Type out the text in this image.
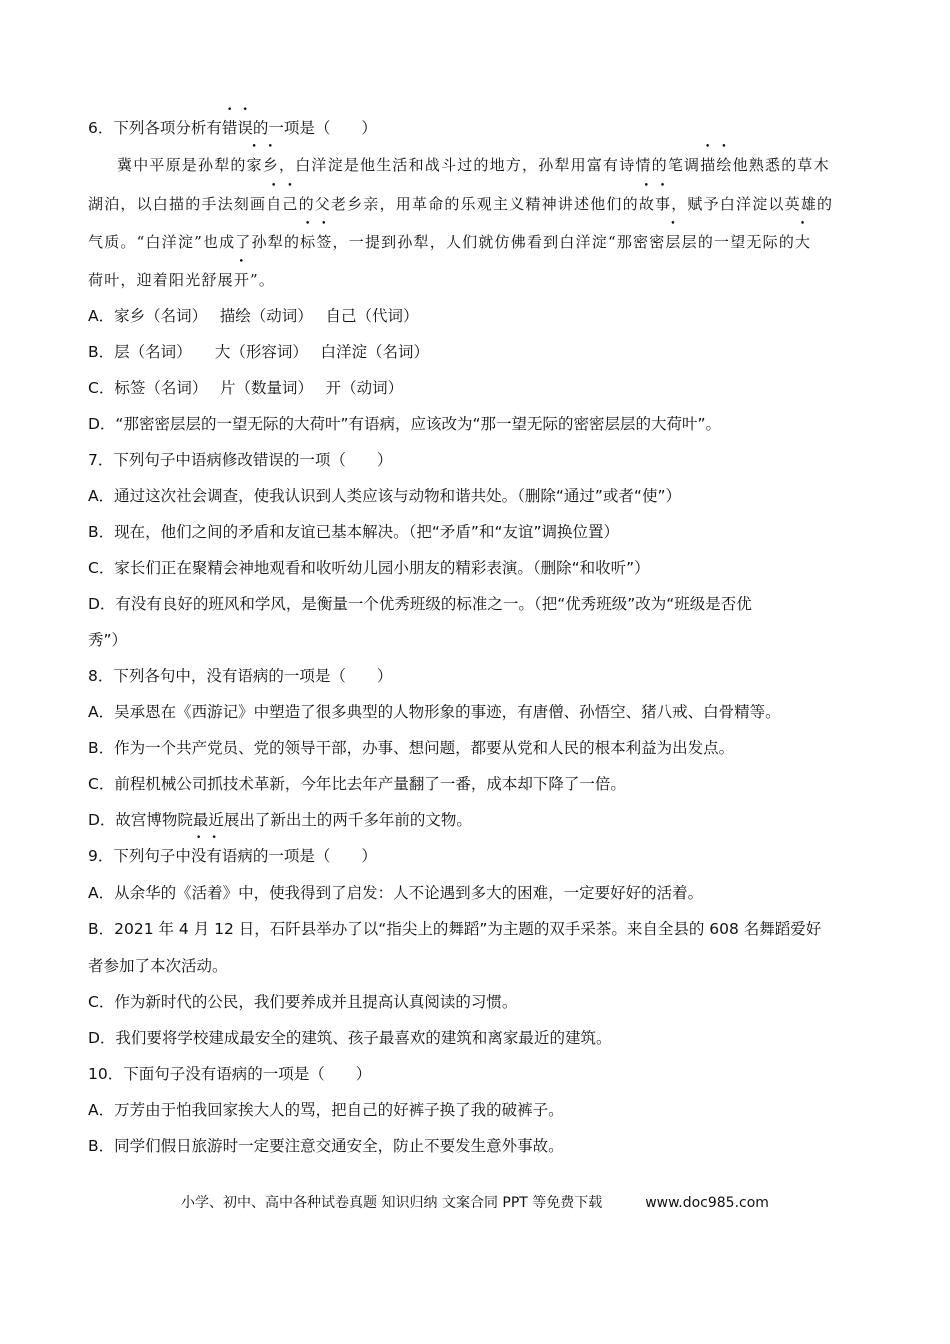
6．下列各项分析有错误的一项是（　　）
冀中平原是孙犁的家乡，白洋淀是他生活和战斗过的地方，孙犁用富有诗情的笔调描绘他熟悉的草木
湖泊，以白描的手法刻画自己的父老乡亲，用革命的乐观主义精神讲述他们的故事，赋予白洋淀以英雄的
气质。“白洋淀”也成了孙犁的标签，一提到孙犁，人们就仿佛看到白洋淀“那密密层层的一望无际的大
荷叶，迎着阳光舒展开”。
A．家乡（名词）　 描绘（动词）　 自己（代词）
B．层（名词）　　大（形容词）　 白洋淀（名词）
C．标签（名词）　 片（数量词）　 开（动词）
D．“那密密层层的一望无际的大荷叶”有语病，应该改为“那一望无际的密密层层的大荷叶”。
7．下列句子中语病修改错误的一项（　　）
A．通过这次社会调查，使我认识到人类应该与动物和谐共处。（删除“通过”或者“使”）
B．现在，他们之间的矛盾和友谊已基本解决。（把“矛盾”和“友谊”调换位置）
C．家长们正在聚精会神地观看和收听幼儿园小朋友的精彩表演。（删除“和收听”）
D．有没有良好的班风和学风，是衡量一个优秀班级的标准之一。（把“优秀班级”改为“班级是否优
秀”）
8．下列各句中，没有语病的一项是（　　）
A．吴承恩在《西游记》中塑造了很多典型的人物形象的事迹，有唐僧、孙悟空、猪八戒、白骨精等。
B．作为一个共产党员、党的领导干部，办事、想问题，都要从党和人民的根本利益为出发点。
C．前程机械公司抓技术革新，今年比去年产量翻了一番，成本却下降了一倍。
D．故宫博物院最近展出了新出土的两千多年前的文物。
9．下列句子中没有语病的一项是（　　）
A．从余华的《活着》中，使我得到了启发：人不论遇到多大的困难，一定要好好的活着。
B．2021 年 4 月 12 日，石阡县举办了以“指尖上的舞蹈”为主题的双手采茶。来自全县的 608 名舞蹈爱好
者参加了本次活动。
C．作为新时代的公民，我们要养成并且提高认真阅读的习惯。
D．我们要将学校建成最安全的建筑、孩子最喜欢的建筑和离家最近的建筑。
10．下面句子没有语病的一项是（　　）
A．万芳由于怕我回家挨大人的骂，把自己的好裤子换了我的破裤子。
B．同学们假日旅游时一定要注意交通安全，防止不要发生意外事故。
小学、初中、高中各种试卷真题 知识归纳 文案合同 PPT 等免费下载	www.doc985.com
